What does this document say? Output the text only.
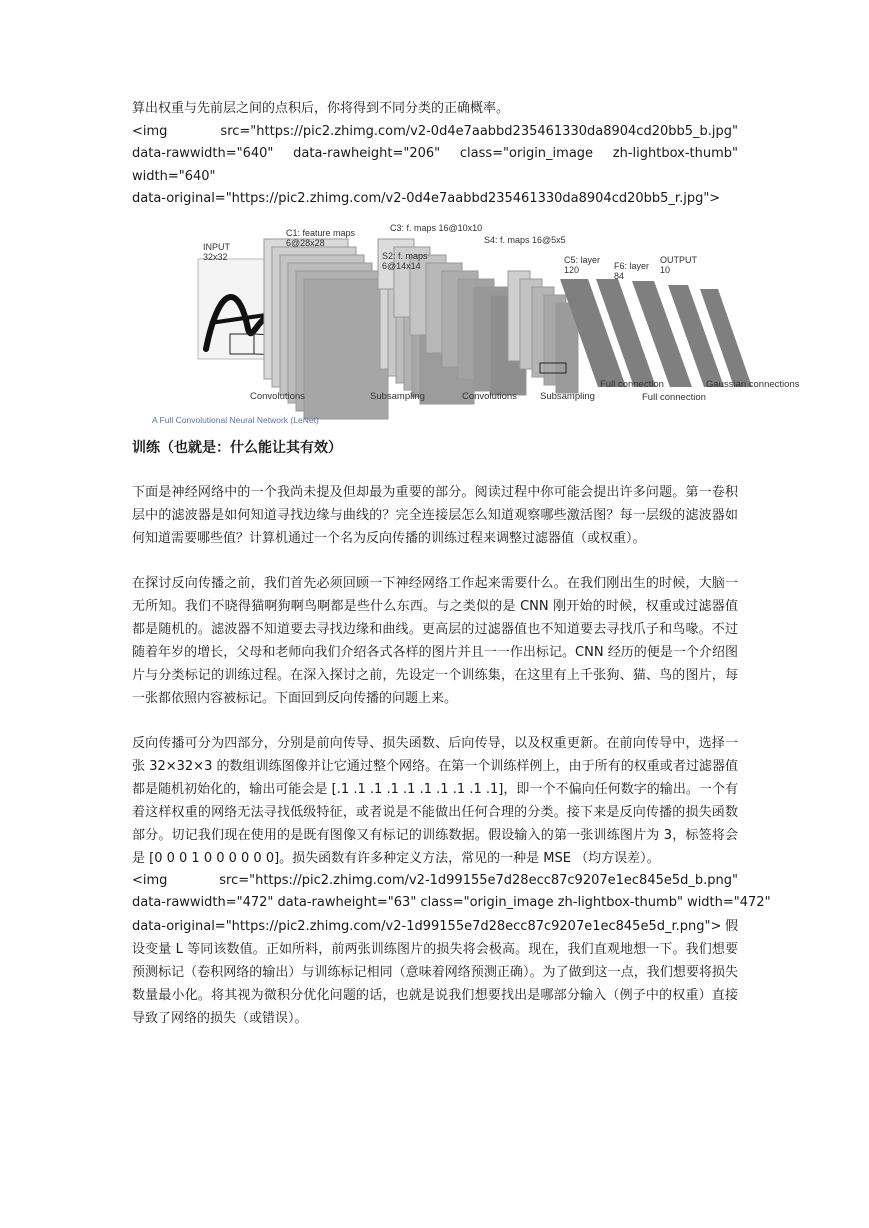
算出权重与先前层之间的点积后，你将得到不同分类的正确概率。
<img	src="https://pic2.zhimg.com/v2-0d4e7aabbd235461330da8904cd20bb5_b.jpg"
data-rawwidth="640" data-rawheight="206" class="origin_image zh-lightbox-thumb"
width="640"
data-original="https://pic2.zhimg.com/v2-0d4e7aabbd235461330da8904cd20bb5_r.jpg">
INPUT
32x32
C1: feature maps
6@28x28
S2: f. maps
6@14x14
C3: f. maps 16@10x10
S4: f. maps 16@5x5
C5: layer
120	F6: layer
84
OUTPUT
10
Convolutions	Subsampling	Convolutions Subsampling
Full connection
Full connection
Gaussian connections
A Full Convolutional Neural Network (LeNet)
训练（也就是：什么能让其有效）
下面是神经网络中的一个我尚未提及但却最为重要的部分。阅读过程中你可能会提出许多问题。第一卷积层中的滤波器是如何知道寻找边缘与曲线的？完全连接层怎么知道观察哪些激活图？每一层级的滤波器如何知道需要哪些值？计算机通过一个名为反向传播的训练过程来调整过滤器值（或权重）。
在探讨反向传播之前，我们首先必须回顾一下神经网络工作起来需要什么。在我们刚出生的时候，大脑一无所知。我们不晓得猫啊狗啊鸟啊都是些什么东西。与之类似的是 CNN 刚开始的时候，权重或过滤器值都是随机的。滤波器不知道要去寻找边缘和曲线。更高层的过滤器值也不知道要去寻找爪子和鸟喙。不过随着年岁的增长，父母和老师向我们介绍各式各样的图片并且一一作出标记。CNN 经历的便是一个介绍图片与分类标记的训练过程。在深入探讨之前，先设定一个训练集，在这里有上千张狗、猫、鸟的图片，每一张都依照内容被标记。下面回到反向传播的问题上来。
反向传播可分为四部分，分别是前向传导、损失函数、后向传导，以及权重更新。在前向传导中，选择一张 32×32×3 的数组训练图像并让它通过整个网络。在第一个训练样例上，由于所有的权重或者过滤器值都是随机初始化的，输出可能会是 [.1 .1 .1 .1 .1 .1 .1 .1 .1 .1]，即一个不偏向任何数字的输出。一个有着这样权重的网络无法寻找低级特征，或者说是不能做出任何合理的分类。接下来是反向传播的损失函数部分。切记我们现在使用的是既有图像又有标记的训练数据。假设输入的第一张训练图片为 3，标签将会是 [0 0 0 1 0 0 0 0 0 0]。损失函数有许多种定义方法，常见的一种是 MSE （均方误差）。
<img	src="https://pic2.zhimg.com/v2-1d99155e7d28ecc87c9207e1ec845e5d_b.png"
data-rawwidth="472" data-rawheight="63" class="origin_image zh-lightbox-thumb" width="472"
data-original="https://pic2.zhimg.com/v2-1d99155e7d28ecc87c9207e1ec845e5d_r.png">假设变量 L 等同该数值。正如所料，前两张训练图片的损失将会极高。现在，我们直观地想一下。我们想要预测标记（卷积网络的输出）与训练标记相同（意味着网络预测正确）。为了做到这一点，我们想要将损失数量最小化。将其视为微积分优化问题的话，也就是说我们想要找出是哪部分输入（例子中的权重）直接导致了网络的损失（或错误）。
